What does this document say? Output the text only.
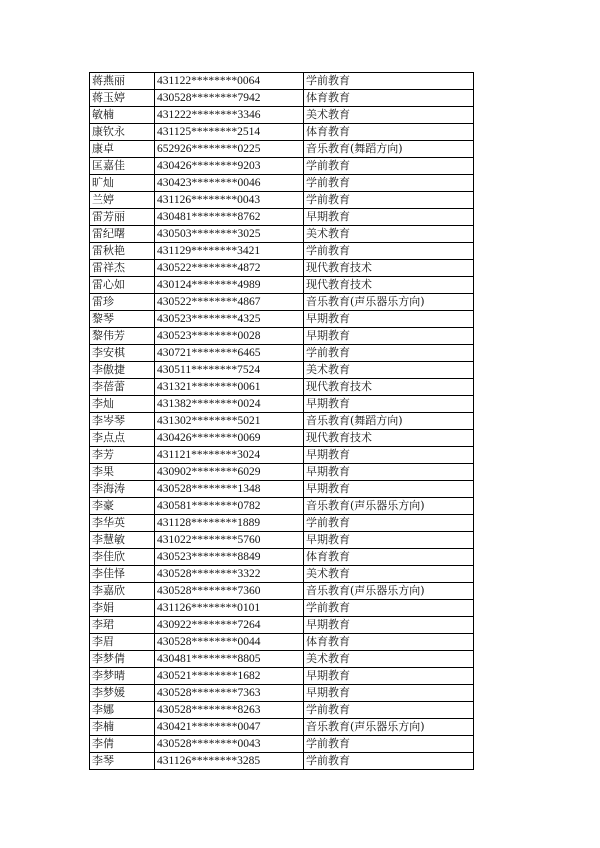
蒋燕丽	431122********0064	学前教育
蒋玉婷	430528********7942	体育教育
敏楠	431222********3346	美术教育
康钦永	431125********2514	体育教育
康卓	652926********0225	音乐教育(舞蹈方向)
匡嘉佳	430426********9203	学前教育
旷灿	430423********0046	学前教育
兰婷	431126********0043	学前教育
雷芳丽	430481********8762	早期教育
雷纪曙	430503********3025	美术教育
雷秋艳	431129********3421	学前教育
雷祥杰	430522********4872	现代教育技术
雷心如	430124********4989	现代教育技术
雷珍	430522********4867	音乐教育(声乐器乐方向)
黎琴	430523********4325	早期教育
黎伟芳	430523********0028	早期教育
李安棋	430721********6465	学前教育
李傲捷	430511********7524	美术教育
李蓓蕾	431321********0061	现代教育技术
李灿	431382********0024	早期教育
李岑琴	431302********5021	音乐教育(舞蹈方向)
李点点	430426********0069	现代教育技术
李芳	431121********3024	早期教育
李果	430902********6029	早期教育
李海涛	430528********1348	早期教育
李豪	430581********0782	音乐教育(声乐器乐方向)
李华英	431128********1889	学前教育
李慧敏	431022********5760	早期教育
李佳欣	430523********8849	体育教育
李佳怿	430528********3322	美术教育
李嘉欣	430528********7360	音乐教育(声乐器乐方向)
李娟	431126********0101	学前教育
李珺	430922********7264	早期教育
李眉	430528********0044	体育教育
李梦倩	430481********8805	美术教育
李梦晴	430521********1682	早期教育
李梦媛	430528********7363	早期教育
李娜	430528********8263	学前教育
李楠	430421********0047	音乐教育(声乐器乐方向)
李倩	430528********0043	学前教育
李琴	431126********3285	学前教育
